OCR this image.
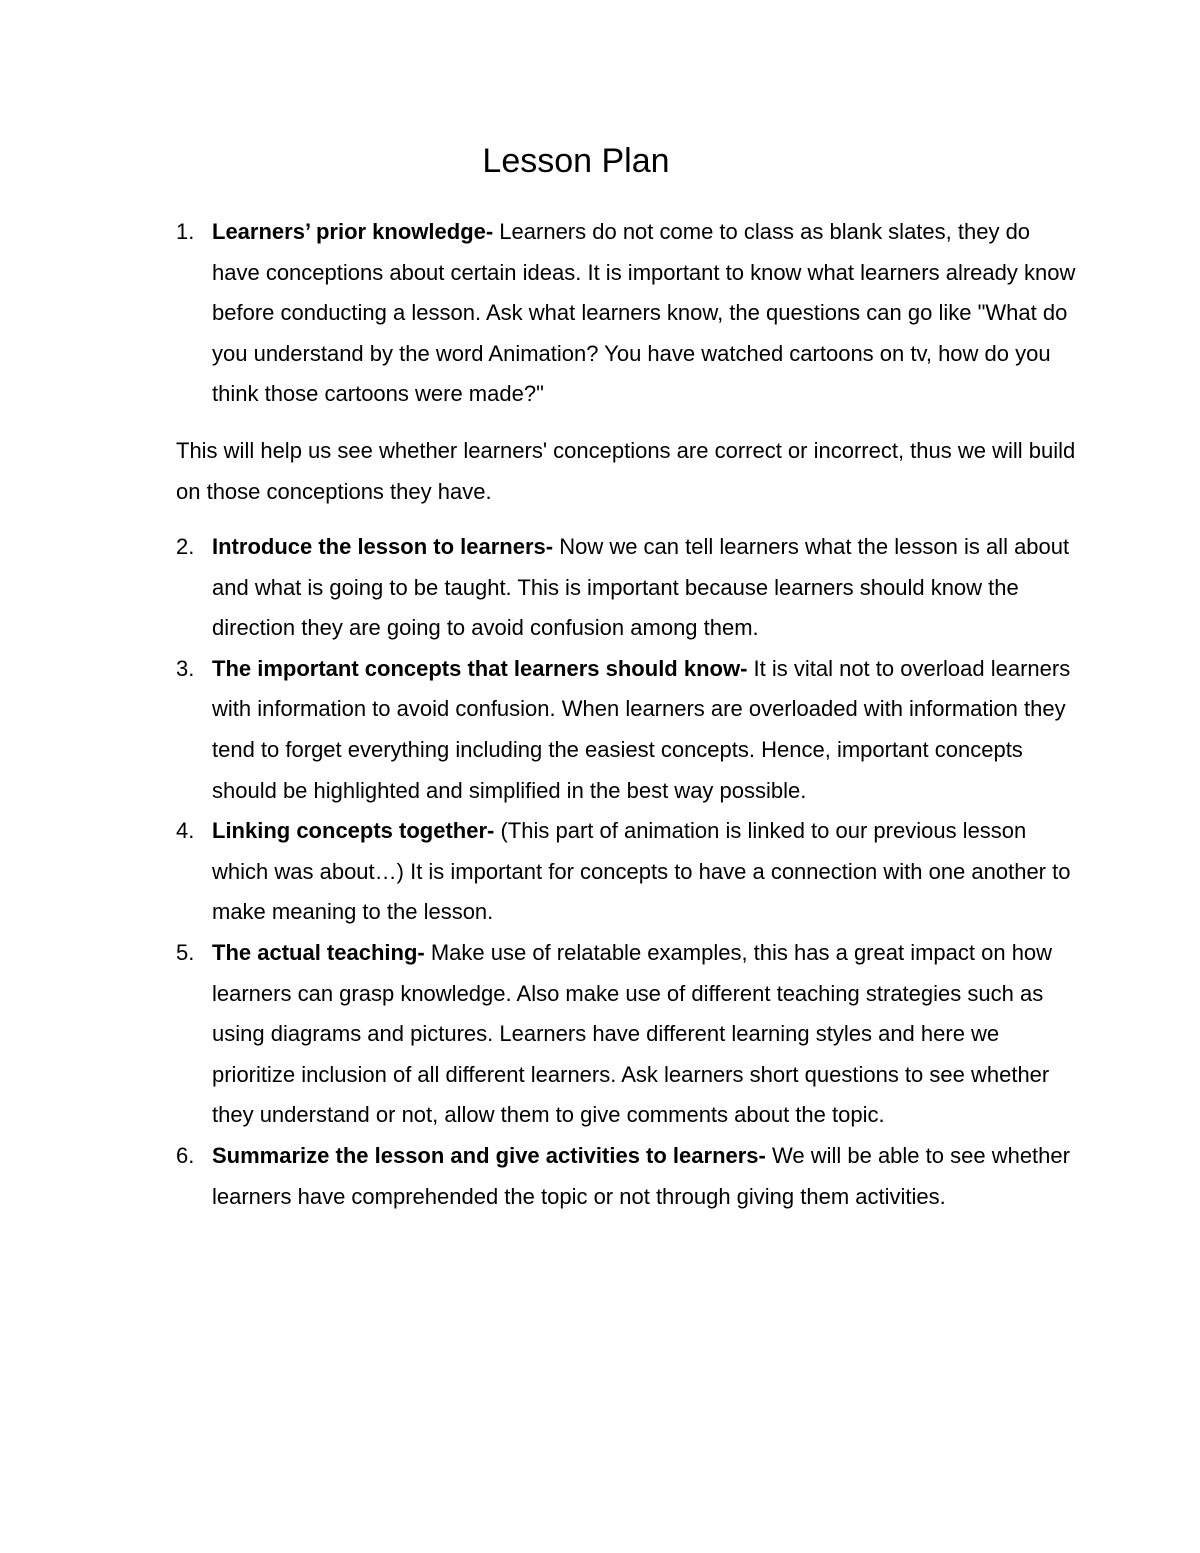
Lesson Plan
1. Learners’ prior knowledge- Learners do not come to class as blank slates, they do have conceptions about certain ideas. It is important to know what learners already know before conducting a lesson. Ask what learners know, the questions can go like "What do you understand by the word Animation? You have watched cartoons on tv, how do you think those cartoons were made?"

This will help us see whether learners' conceptions are correct or incorrect, thus we will build on those conceptions they have.

2. Introduce the lesson to learners- Now we can tell learners what the lesson is all about and what is going to be taught. This is important because learners should know the direction they are going to avoid confusion among them.
3. The important concepts that learners should know- It is vital not to overload learners with information to avoid confusion. When learners are overloaded with information they tend to forget everything including the easiest concepts. Hence, important concepts should be highlighted and simplified in the best way possible.
4. Linking concepts together- (This part of animation is linked to our previous lesson which was about…) It is important for concepts to have a connection with one another to make meaning to the lesson.
5. The actual teaching- Make use of relatable examples, this has a great impact on how learners can grasp knowledge. Also make use of different teaching strategies such as using diagrams and pictures. Learners have different learning styles and here we prioritize inclusion of all different learners. Ask learners short questions to see whether they understand or not, allow them to give comments about the topic.
6. Summarize the lesson and give activities to learners- We will be able to see whether learners have comprehended the topic or not through giving them activities.
